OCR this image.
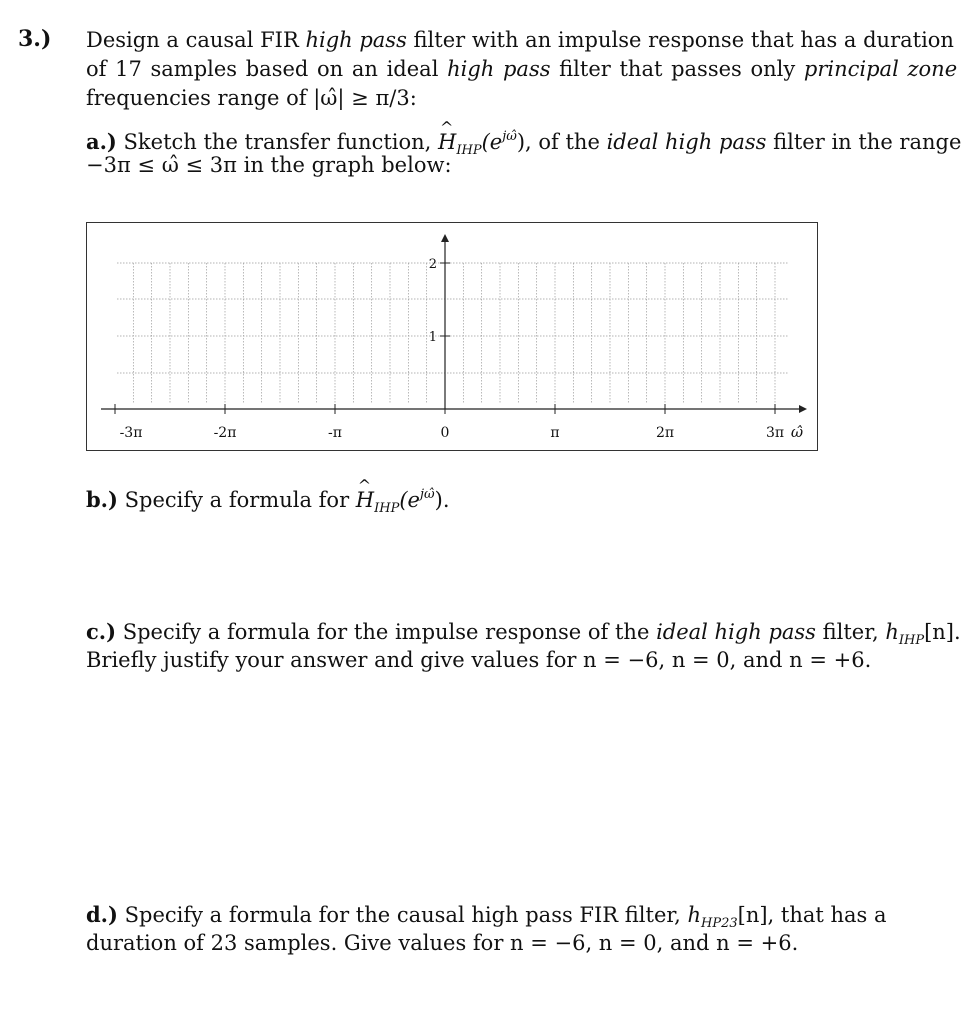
3.) Design a causal FIR high pass filter with an impulse response that has a duration
of 17 samples based on an ideal high pass filter that passes only principal zone
frequencies range of |ω̂| ≥ π/3:
a.) Sketch the transfer function, ^ $H_{IHP}(e^{j\omegâ})$, of the ideal high pass filter in the range
−3π ≤ ω̂ ≤ 3π in the graph below:
-3π	-2π	-π	0	π	2π	3π ω̂
2
1
b.) Specify a formula for ^ $H_{IHP}(e^{j\omegâ})$.
c.) Specify a formula for the impulse response of the ideal high pass filter, $h_{IHP}[n]$.
Briefly justify your answer and give values for n = −6, n = 0, and n = +6.
d.) Specify a formula for the causal high pass FIR filter, $h_{HP23}[n]$, that has a
duration of 23 samples. Give values for n = −6, n = 0, and n = +6.
